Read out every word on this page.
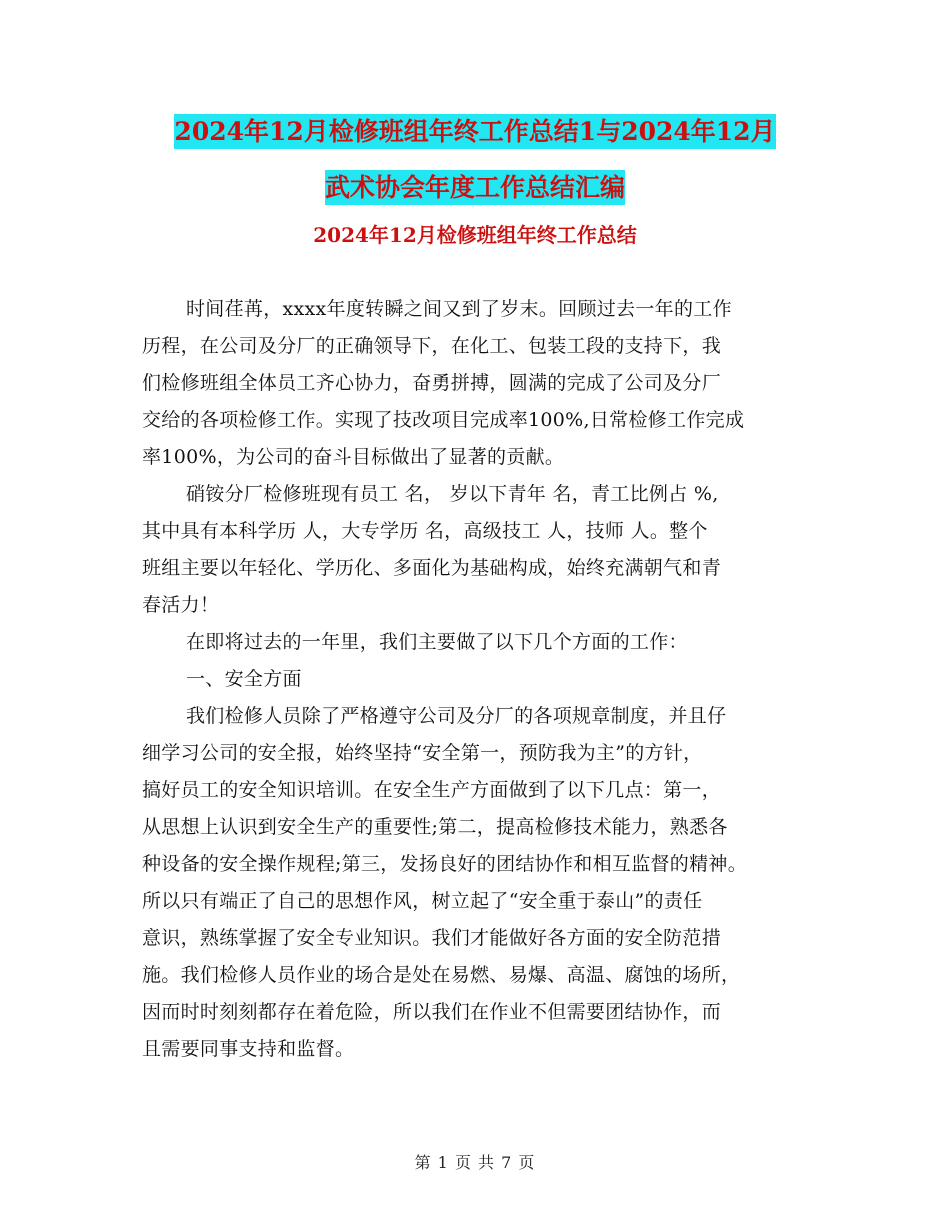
2024年12月检修班组年终工作总结1与2024年12月
武术协会年度工作总结汇编
2024年12月检修班组年终工作总结
时间荏苒，xxxx年度转瞬之间又到了岁末。回顾过去一年的工作
历程，在公司及分厂的正确领导下，在化工、包装工段的支持下，我
们检修班组全体员工齐心协力，奋勇拼搏，圆满的完成了公司及分厂
交给的各项检修工作。实现了技改项目完成率100%,日常检修工作完成
率100%，为公司的奋斗目标做出了显著的贡献。
硝铵分厂检修班现有员工 名， 岁以下青年 名，青工比例占 %,
其中具有本科学历 人，大专学历 名，高级技工 人，技师 人。整个
班组主要以年轻化、学历化、多面化为基础构成，始终充满朝气和青
春活力！
在即将过去的一年里，我们主要做了以下几个方面的工作：
一、安全方面
我们检修人员除了严格遵守公司及分厂的各项规章制度，并且仔
细学习公司的安全报，始终坚持“安全第一，预防我为主”的方针，
搞好员工的安全知识培训。在安全生产方面做到了以下几点：第一，
从思想上认识到安全生产的重要性;第二，提高检修技术能力，熟悉各
种设备的安全操作规程;第三，发扬良好的团结协作和相互监督的精神。
所以只有端正了自己的思想作风，树立起了“安全重于泰山”的责任
意识，熟练掌握了安全专业知识。我们才能做好各方面的安全防范措
施。我们检修人员作业的场合是处在易燃、易爆、高温、腐蚀的场所，
因而时时刻刻都存在着危险，所以我们在作业不但需要团结协作，而
且需要同事支持和监督。
第 1 页 共 7 页
